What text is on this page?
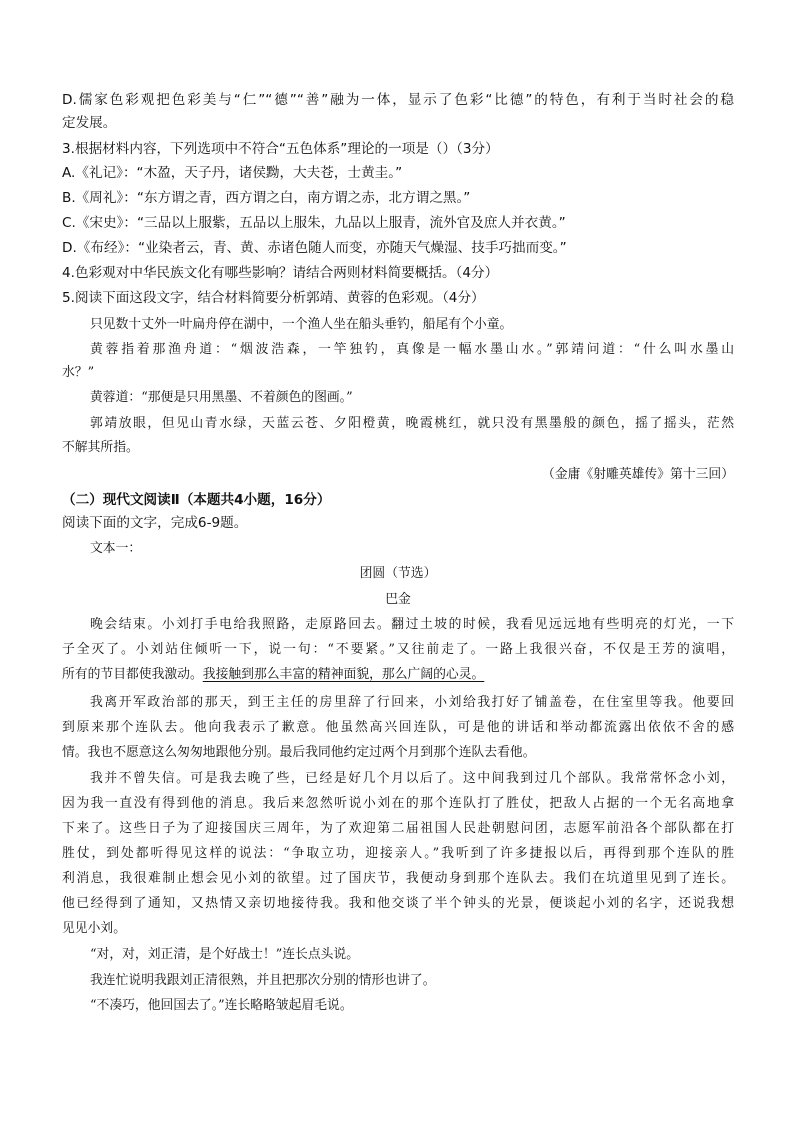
D.儒家色彩观把色彩美与“仁”“德”“善”融为一体，显示了色彩“比德”的特色，有利于当时社会的稳
定发展。
3.根据材料内容，下列选项中不符合“五色体系”理论的一项是（）（3分）
A.《礼记》：“木盈，天子丹，诸侯黝，大夫苍，士黄圭。”
B.《周礼》：“东方谓之青，西方谓之白，南方谓之赤，北方谓之黑。”
C.《宋史》：“三品以上服紫，五品以上服朱，九品以上服青，流外官及庶人并衣黄。”
D.《布经》：“业染者云，青、黄、赤诸色随人而变，亦随天气燥湿、技手巧拙而变。”
4.色彩观对中华民族文化有哪些影响？请结合两则材料简要概括。（4分）
5.阅读下面这段文字，结合材料简要分析郭靖、黄蓉的色彩观。（4分）
只见数十丈外一叶扁舟停在湖中，一个渔人坐在船头垂钓，船尾有个小童。
黄蓉指着那渔舟道：“烟波浩森，一竿独钓，真像是一幅水墨山水。”郭靖问道：“什么叫水墨山
水？”
黄蓉道：“那便是只用黑墨、不着颜色的图画。”
郭靖放眼，但见山青水绿，天蓝云苍、夕阳橙黄，晚霞桃红，就只没有黑墨般的颜色，摇了摇头，茫然
不解其所指。
（金庸《射雕英雄传》第十三回）
（二）现代文阅读Ⅱ（本题共4小题，16分）
阅读下面的文字，完成6-9题。
文本一：
团圆（节选）
巴金
晚会结束。小刘打手电给我照路，走原路回去。翻过土坡的时候，我看见远远地有些明亮的灯光，一下
子全灭了。小刘站住倾听一下，说一句：“不要紧。”又往前走了。一路上我很兴奋，不仅是王芳的演唱，
所有的节目都使我激动。我接触到那么丰富的精神面貌，那么广阔的心灵。
我离开军政治部的那天，到王主任的房里辞了行回来，小刘给我打好了铺盖卷，在住室里等我。他要回
到原来那个连队去。他向我表示了歉意。他虽然高兴回连队，可是他的讲话和举动都流露出依依不舍的感
情。我也不愿意这么匆匆地跟他分别。最后我同他约定过两个月到那个连队去看他。
我并不曾失信。可是我去晚了些，已经是好几个月以后了。这中间我到过几个部队。我常常怀念小刘，
因为我一直没有得到他的消息。我后来忽然听说小刘在的那个连队打了胜仗，把敌人占据的一个无名高地拿
下来了。这些日子为了迎接国庆三周年，为了欢迎第二届祖国人民赴朝慰问团，志愿军前沿各个部队都在打
胜仗，到处都听得见这样的说法：“争取立功，迎接亲人。”我听到了许多捷报以后，再得到那个连队的胜
利消息，我很难制止想会见小刘的欲望。过了国庆节，我便动身到那个连队去。我们在坑道里见到了连长。
他已经得到了通知，又热情又亲切地接待我。我和他交谈了半个钟头的光景，便谈起小刘的名字，还说我想
见见小刘。
“对，对，刘正清，是个好战士！”连长点头说。
我连忙说明我跟刘正清很熟，并且把那次分别的情形也讲了。
“不凑巧，他回国去了。”连长略略皱起眉毛说。
